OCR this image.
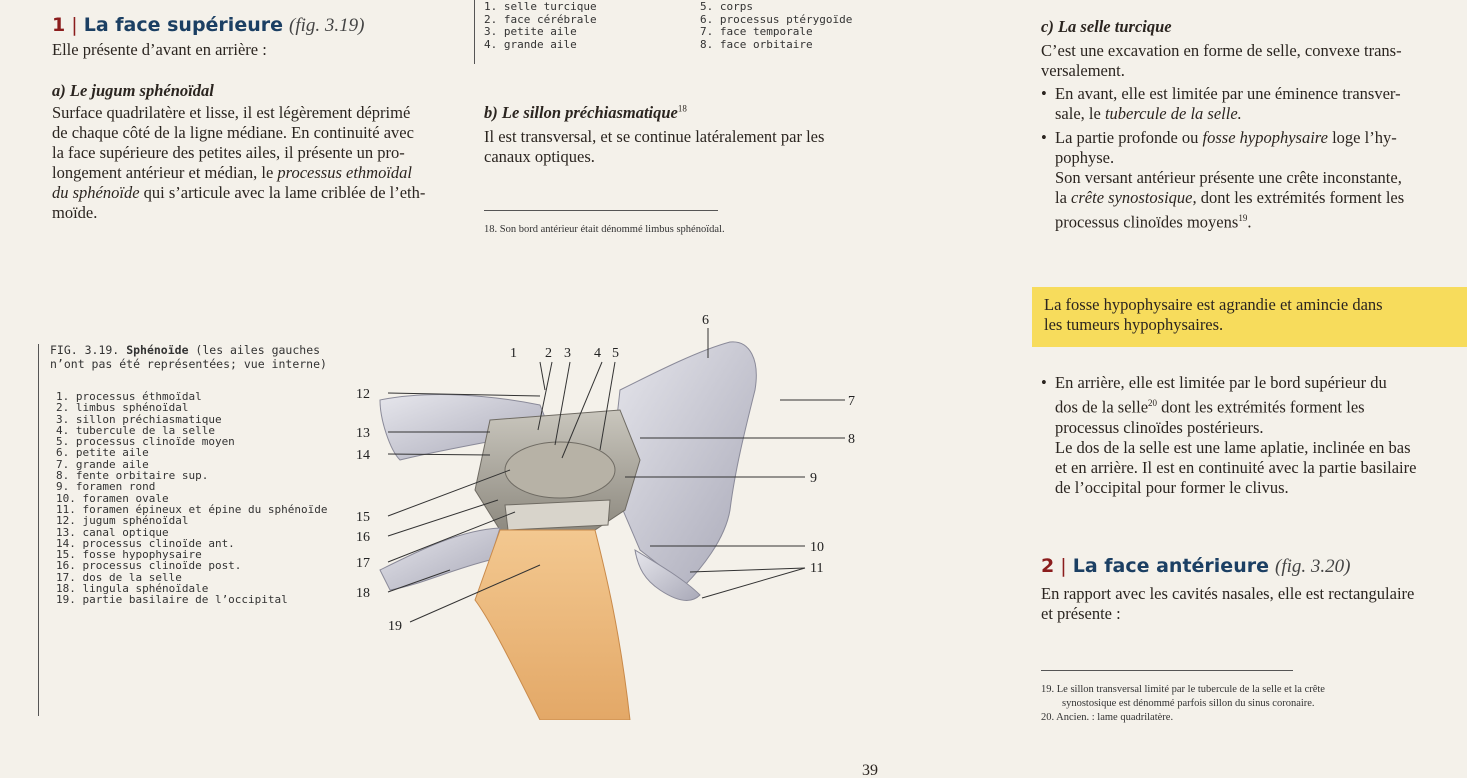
1 | La face supérieure (fig. 3.19)
Elle présente d’avant en arrière :
a) Le jugum sphénoïdal
Surface quadrilatère et lisse, il est légèrement déprimé
de chaque côté de la ligne médiane. En continuité avec
la face supérieure des petites ailes, il présente un pro-
longement antérieur et médian, le processus ethmoïdal
du sphénoïde qui s’articule avec la lame criblée de l’eth-
moïde.
1. selle turcique
2. face cérébrale
3. petite aile
4. grande aile
5. corps
6. processus ptérygoïde
7. face temporale
8. face orbitaire
b) Le sillon préchiasmatique$^{18}$
Il est transversal, et se continue latéralement par les
canaux optiques.
18. Son bord antérieur était dénommé limbus sphénoïdal.
FIG. 3.19. Sphénoïde (les ailes gauches
n’ont pas été représentées; vue interne)
1. processus éthmoïdal
2. limbus sphénoïdal
3. sillon préchiasmatique
4. tubercule de la selle
5. processus clinoïde moyen
6. petite aile
7. grande aile
8. fente orbitaire sup.
9. foramen rond
10. foramen ovale
11. foramen épineux et épine du sphénoïde
12. jugum sphénoïdal
13. canal optique
14. processus clinoïde ant.
15. fosse hypophysaire
16. processus clinoïde post.
17. dos de la selle
18. lingula sphénoïdale
19. partie basilaire de l’occipital
1 2 3 4 5
6
7
8
9
10
11
12
13
14
15
16
17
18
19
c) La selle turcique
C’est une excavation en forme de selle, convexe trans-
versalement.
• En avant, elle est limitée par une éminence transver-
sale, le tubercule de la selle.
• La partie profonde ou fosse hypophysaire loge l’hy-
pophyse.
Son versant antérieur présente une crête inconstante,
la crête synostosique, dont les extrémités forment les
processus clinoïdes moyens$^{19}$.
La fosse hypophysaire est agrandie et amincie dans
les tumeurs hypophysaires.
• En arrière, elle est limitée par le bord supérieur du
dos de la selle$^{20}$ dont les extrémités forment les
processus clinoïdes postérieurs.
Le dos de la selle est une lame aplatie, inclinée en bas
et en arrière. Il est en continuité avec la partie basilaire
de l’occipital pour former le clivus.
2 | La face antérieure (fig. 3.20)
En rapport avec les cavités nasales, elle est rectangulaire
et présente :
19. Le sillon transversal limité par le tubercule de la selle et la crête
synostosique est dénommé parfois sillon du sinus coronaire.
20. Ancien. : lame quadrilatère.
39
